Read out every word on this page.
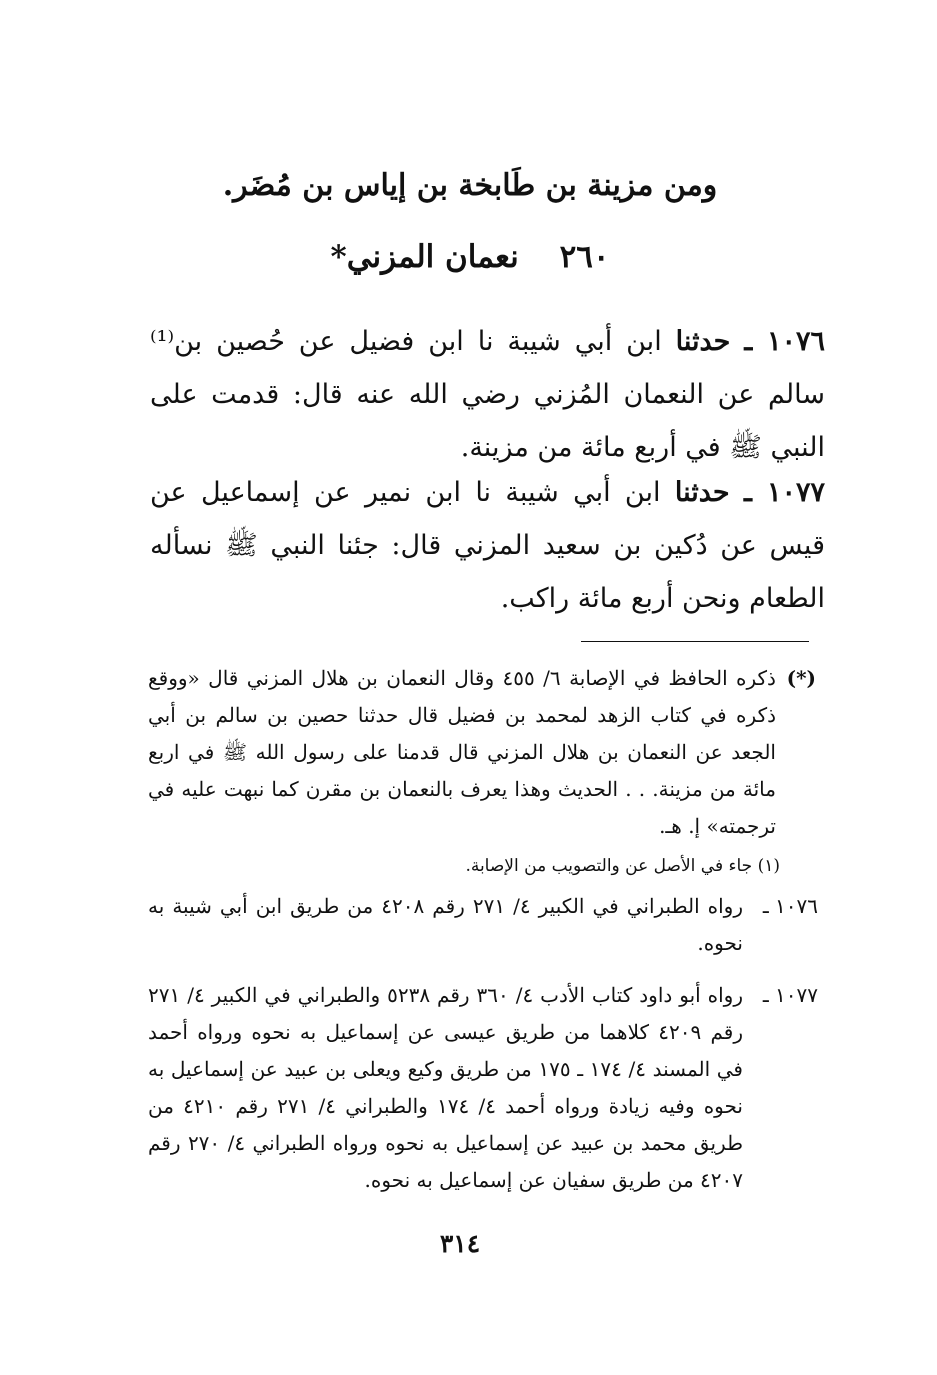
ومن مزينة بن طَابخة بن إياس بن مُضَر.
٢٦٠ نعمان المزني*
١٠٧٦ ـ حدثنا ابن أبي شيبة نا ابن فضيل عن حُصين بن⁽¹⁾ سالم عن النعمان المُزني رضي الله عنه قال: قدمت على النبي ﷺ في أربع مائة من مزينة.
١٠٧٧ ـ حدثنا ابن أبي شيبة نا ابن نمير عن إسماعيل عن قيس عن دُكين بن سعيد المزني قال: جئنا النبي ﷺ نسأله الطعام ونحن أربع مائة راكب.
(*)
ذكره الحافظ في الإصابة ٦/ ٤٥٥ وقال النعمان بن هلال المزني قال «ووقع ذكره في كتاب الزهد لمحمد بن فضيل قال حدثنا حصين بن سالم بن أبي الجعد عن النعمان بن هلال المزني قال قدمنا على رسول الله ﷺ في اربع مائة من مزينة. . . الحديث وهذا يعرف بالنعمان بن مقرن كما نبهت عليه في ترجمته» إ. هـ.
(١) جاء في الأصل عن والتصويب من الإصابة.
١٠٧٦ ـ
رواه الطبراني في الكبير ٤/ ٢٧١ رقم ٤٢٠٨ من طريق ابن أبي شيبة به نحوه.
١٠٧٧ ـ
رواه أبو داود كتاب الأدب ٤/ ٣٦٠ رقم ٥٢٣٨ والطبراني في الكبير ٤/ ٢٧١ رقم ٤٢٠٩ كلاهما من طريق عيسى عن إسماعيل به نحوه ورواه أحمد في المسند ٤/ ١٧٤ ـ ١٧٥ من طريق وكيع ويعلى بن عبيد عن إسماعيل به نحوه وفيه زيادة ورواه أحمد ٤/ ١٧٤ والطبراني ٤/ ٢٧١ رقم ٤٢١٠ من طريق محمد بن عبيد عن إسماعيل به نحوه ورواه الطبراني ٤/ ٢٧٠ رقم ٤٢٠٧ من طريق سفيان عن إسماعيل به نحوه.
٣١٤
